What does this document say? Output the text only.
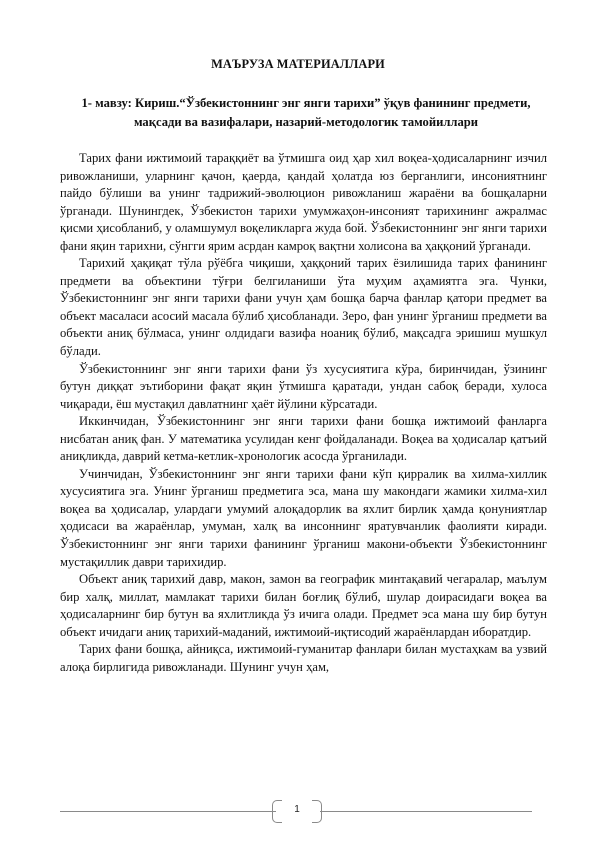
МАЪРУЗА МАТЕРИАЛЛАРИ
1- мавзу: Кириш.“Ўзбекистоннинг энг янги тарихи” ўқув фанининг предмети, мақсади ва вазифалари, назарий-методологик тамойиллари

Тарих фани ижтимоий тараққиёт ва ўтмишга оид ҳар хил воқеа-ҳодисаларнинг изчил ривожланиши, уларнинг қачон, қаерда, қандай ҳолатда юз берганлиги, инсониятнинг пайдо бўлиши ва унинг тадрижий-эволюцион ривожланиш жараёни ва бошқаларни ўрганади. Шунингдек, Ўзбекистон тарихи умумжаҳон-инсоният тарихининг ажралмас қисми ҳисобланиб, у оламшумул воқеликларга жуда бой. Ўзбекистоннинг энг янги тарихи фани яқин тарихни, сўнгги ярим асрдан камроқ вақтни холисона ва ҳаққоний ўрганади.

Тарихий ҳақиқат тўла рўёбга чиқиши, ҳаққоний тарих ёзилишида тарих фанининг предмети ва объектини тўғри белгиланиши ўта муҳим аҳамиятга эга. Чунки, Ўзбекистоннинг энг янги тарихи фани учун ҳам бошқа барча фанлар қатори предмет ва объект масаласи асосий масала бўлиб ҳисобланади. Зеро, фан унинг ўрганиш предмети ва объекти аниқ бўлмаса, унинг олдидаги вазифа ноаниқ бўлиб, мақсадга эришиш мушкул бўлади.

Ўзбекистоннинг энг янги тарихи фани ўз хусусиятига кўра, биринчидан, ўзининг бутун диққат эътиборини фақат яқин ўтмишга қаратади, ундан сабоқ беради, хулоса чиқаради, ёш мустақил давлатнинг ҳаёт йўлини кўрсатади.

Иккинчидан, Ўзбекистоннинг энг янги тарихи фани бошқа ижтимоий фанларга нисбатан аниқ фан. У математика усулидан кенг фойдаланади. Воқеа ва ҳодисалар қатъий аниқликда, даврий кетма-кетлик-хронологик асосда ўрганилади.

Учинчидан, Ўзбекистоннинг энг янги тарихи фани кўп қирралик ва хилма-хиллик хусусиятига эга. Унинг ўрганиш предметига эса, мана шу макондаги жамики хилма-хил воқеа ва ҳодисалар, улардаги умумий алоқадорлик ва яхлит бирлик ҳамда қонуниятлар ҳодисаси ва жараёнлар, умуман, халқ ва инсоннинг яратувчанлик фаолияти киради. Ўзбекистоннинг энг янги тарихи фанининг ўрганиш макони-объекти Ўзбекистоннинг мустақиллик даври тарихидир.

Объект аниқ тарихий давр, макон, замон ва географик минтақавий чегаралар, маълум бир халқ, миллат, мамлакат тарихи билан боғлиқ бўлиб, шулар доирасидаги воқеа ва ҳодисаларнинг бир бутун ва яхлитликда ўз ичига олади. Предмет эса мана шу бир бутун объект ичидаги аниқ тарихий-маданий, ижтимоий-иқтисодий жараёнлардан иборатдир.

Тарих фани бошқа, айниқса, ижтимоий-гуманитар фанлари билан мустаҳкам ва узвий алоқа бирлигида ривожланади. Шунинг учун ҳам,

1
